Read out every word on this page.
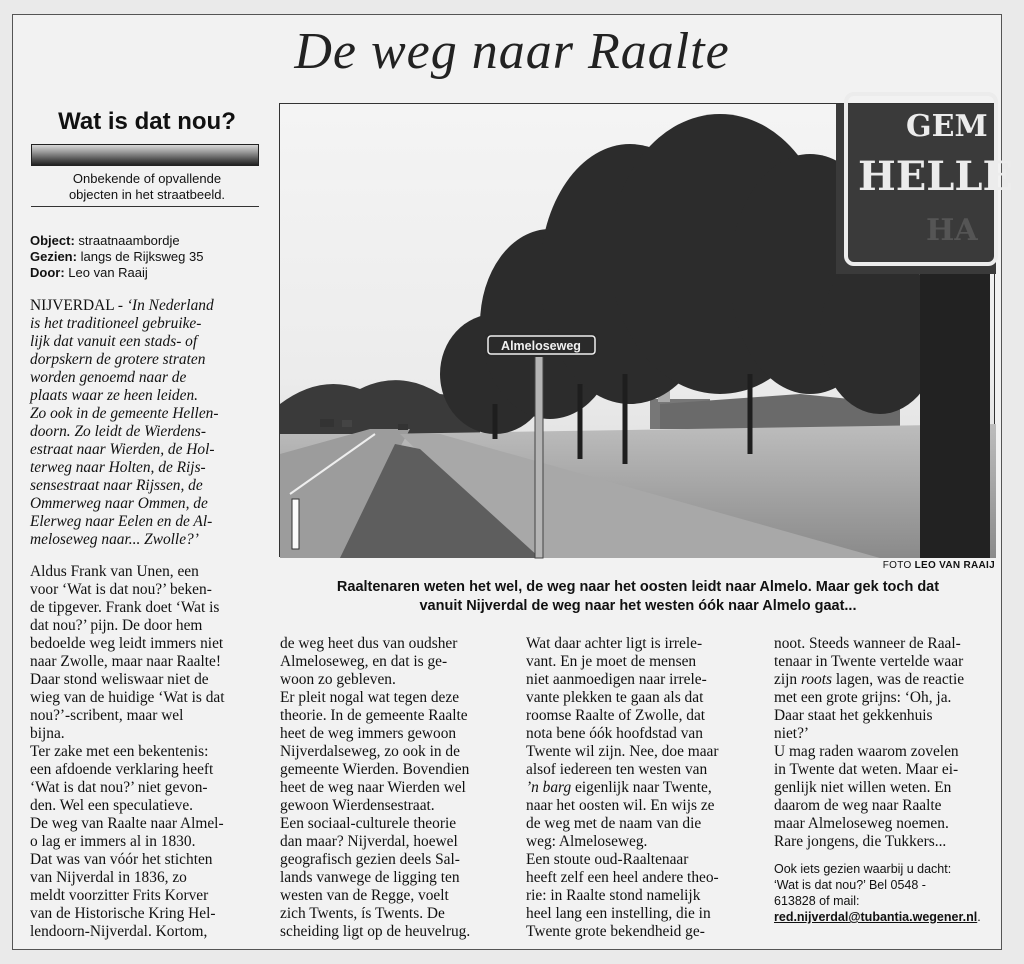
De weg naar Raalte
Wat is dat nou?
Onbekende of opvallende
objecten in het straatbeeld.
Object: straatnaambordje
Gezien: langs de Rijksweg 35
Door: Leo van Raaij
NIJVERDAL - ‘In Nederland
is het traditioneel gebruike-
lijk dat vanuit een stads- of
dorpskern de grotere straten
worden genoemd naar de
plaats waar ze heen leiden.
Zo ook in de gemeente Hellen-
doorn. Zo leidt de Wierdens-
estraat naar Wierden, de Hol-
terweg naar Holten, de Rijs-
sensestraat naar Rijssen, de
Ommerweg naar Ommen, de
Elerweg naar Eelen en de Al-
meloseweg naar... Zwolle?’
Almeloseweg
GEM
HELLE
HA
FOTO LEO VAN RAAIJ
Raaltenaren weten het wel, de weg naar het oosten leidt naar Almelo. Maar gek toch dat
vanuit Nijverdal de weg naar het westen óók naar Almelo gaat...
Aldus Frank van Unen, een
voor ‘Wat is dat nou?’ beken-
de tipgever. Frank doet ‘Wat is
dat nou?’ pijn. De door hem
bedoelde weg leidt immers niet
naar Zwolle, maar naar Raalte!
Daar stond weliswaar niet de
wieg van de huidige ‘Wat is dat
nou?’-scribent, maar wel
bijna.
Ter zake met een bekentenis:
een afdoende verklaring heeft
‘Wat is dat nou?’ niet gevon-
den. Wel een speculatieve.
De weg van Raalte naar Almel-
o lag er immers al in 1830.
Dat was van vóór het stichten
van Nijverdal in 1836, zo
meldt voorzitter Frits Korver
van de Historische Kring Hel-
lendoorn-Nijverdal. Kortom,
de weg heet dus van oudsher
Almeloseweg, en dat is ge-
woon zo gebleven.
Er pleit nogal wat tegen deze
theorie. In de gemeente Raalte
heet de weg immers gewoon
Nijverdalseweg, zo ook in de
gemeente Wierden. Bovendien
heet de weg naar Wierden wel
gewoon Wierdensestraat.
Een sociaal-culturele theorie
dan maar? Nijverdal, hoewel
geografisch gezien deels Sal-
lands vanwege de ligging ten
westen van de Regge, voelt
zich Twents, ís Twents. De
scheiding ligt op de heuvelrug.
Wat daar achter ligt is irrele-
vant. En je moet de mensen
niet aanmoedigen naar irrele-
vante plekken te gaan als dat
roomse Raalte of Zwolle, dat
nota bene óók hoofdstad van
Twente wil zijn. Nee, doe maar
alsof iedereen ten westen van
’n barg eigenlijk naar Twente,
naar het oosten wil. En wijs ze
de weg met de naam van die
weg: Almeloseweg.
Een stoute oud-Raaltenaar
heeft zelf een heel andere theo-
rie: in Raalte stond namelijk
heel lang een instelling, die in
Twente grote bekendheid ge-
noot. Steeds wanneer de Raal-
tenaar in Twente vertelde waar
zijn roots lagen, was de reactie
met een grote grijns: ‘Oh, ja.
Daar staat het gekkenhuis
niet?’
U mag raden waarom zovelen
in Twente dat weten. Maar ei-
genlijk niet willen weten. En
daarom de weg naar Raalte
maar Almeloseweg noemen.
Rare jongens, die Tukkers...
Ook iets gezien waarbij u dacht:
‘Wat is dat nou?’ Bel 0548 -
613828 of mail:
red.nijverdal@tubantia.wegener.nl.
